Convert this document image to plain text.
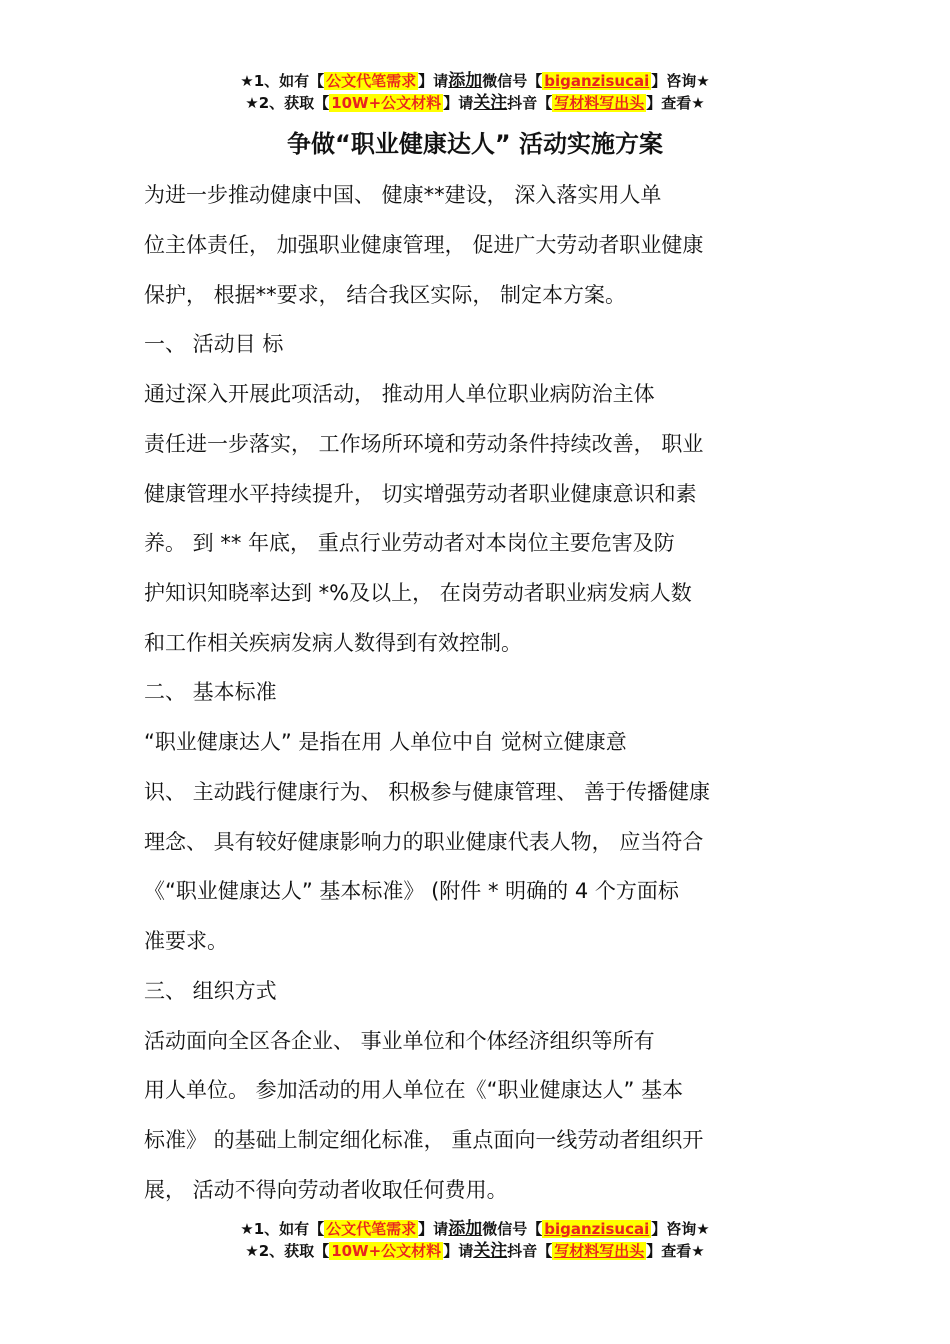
★1、如有【 公文代笔需求 】请添加微信号【 biganzisucai 】咨询★
★2、获取【 10W+公文材料 】请关注抖音【 写材料写出头 】查看★
争做“职业健康达人” 活动实施方案
为进一步推动健康中国、 健康**建设， 深入落实用人单
位主体责任， 加强职业健康管理， 促进广大劳动者职业健康
保护， 根据**要求， 结合我区实际， 制定本方案。
一、 活动目 标
通过深入开展此项活动， 推动用人单位职业病防治主体
责任进一步落实， 工作场所环境和劳动条件持续改善， 职业
健康管理水平持续提升， 切实增强劳动者职业健康意识和素
养。 到 ** 年底， 重点行业劳动者对本岗位主要危害及防
护知识知晓率达到 *%及以上， 在岗劳动者职业病发病人数
和工作相关疾病发病人数得到有效控制。
二、 基本标准
“职业健康达人” 是指在用 人单位中自 觉树立健康意
识、 主动践行健康行为、 积极参与健康管理、 善于传播健康
理念、 具有较好健康影响力的职业健康代表人物， 应当符合
《“职业健康达人” 基本标准》 (附件 * 明确的 4 个方面标
准要求。
三、 组织方式
活动面向全区各企业、 事业单位和个体经济组织等所有
用人单位。 参加活动的用人单位在《“职业健康达人” 基本
标准》 的基础上制定细化标准， 重点面向一线劳动者组织开
展， 活动不得向劳动者收取任何费用。
★1、如有【 公文代笔需求 】请添加微信号【 biganzisucai 】咨询★
★2、获取【 10W+公文材料 】请关注抖音【 写材料写出头 】查看★
